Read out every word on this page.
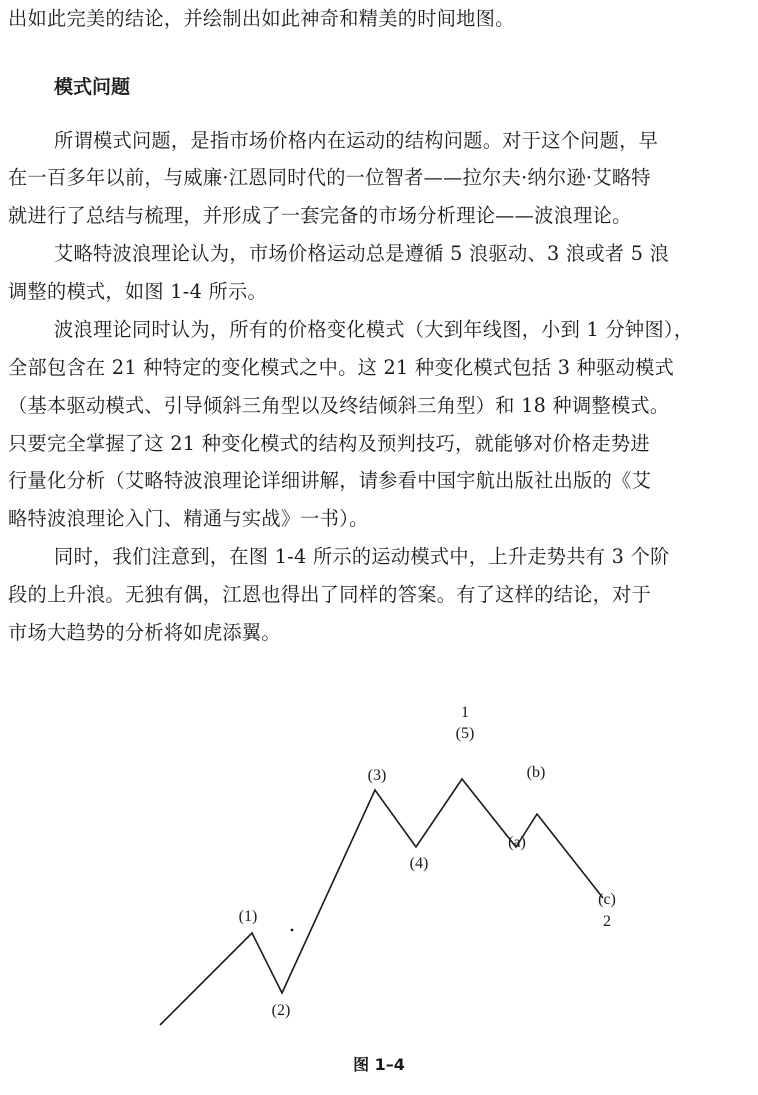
出如此完美的结论，并绘制出如此神奇和精美的时间地图。
模式问题
所谓模式问题，是指市场价格内在运动的结构问题。对于这个问题，早
在一百多年以前，与威廉·江恩同时代的一位智者——拉尔夫·纳尔逊·艾略特
就进行了总结与梳理，并形成了一套完备的市场分析理论——波浪理论。
艾略特波浪理论认为，市场价格运动总是遵循 5 浪驱动、3 浪或者 5 浪
调整的模式，如图 1-4 所示。
波浪理论同时认为，所有的价格变化模式（大到年线图，小到 1 分钟图），
全部包含在 21 种特定的变化模式之中。这 21 种变化模式包括 3 种驱动模式
（基本驱动模式、引导倾斜三角型以及终结倾斜三角型）和 18 种调整模式。
只要完全掌握了这 21 种变化模式的结构及预判技巧，就能够对价格走势进
行量化分析（艾略特波浪理论详细讲解，请参看中国宇航出版社出版的《艾
略特波浪理论入门、精通与实战》一书）。
同时，我们注意到，在图 1-4 所示的运动模式中，上升走势共有 3 个阶
段的上升浪。无独有偶，江恩也得出了同样的答案。有了这样的结论，对于
市场大趋势的分析将如虎添翼。
(1)
(2)
(3)
(4)
1
(5)
(a)
(b)
(c)
2
图 1–4
